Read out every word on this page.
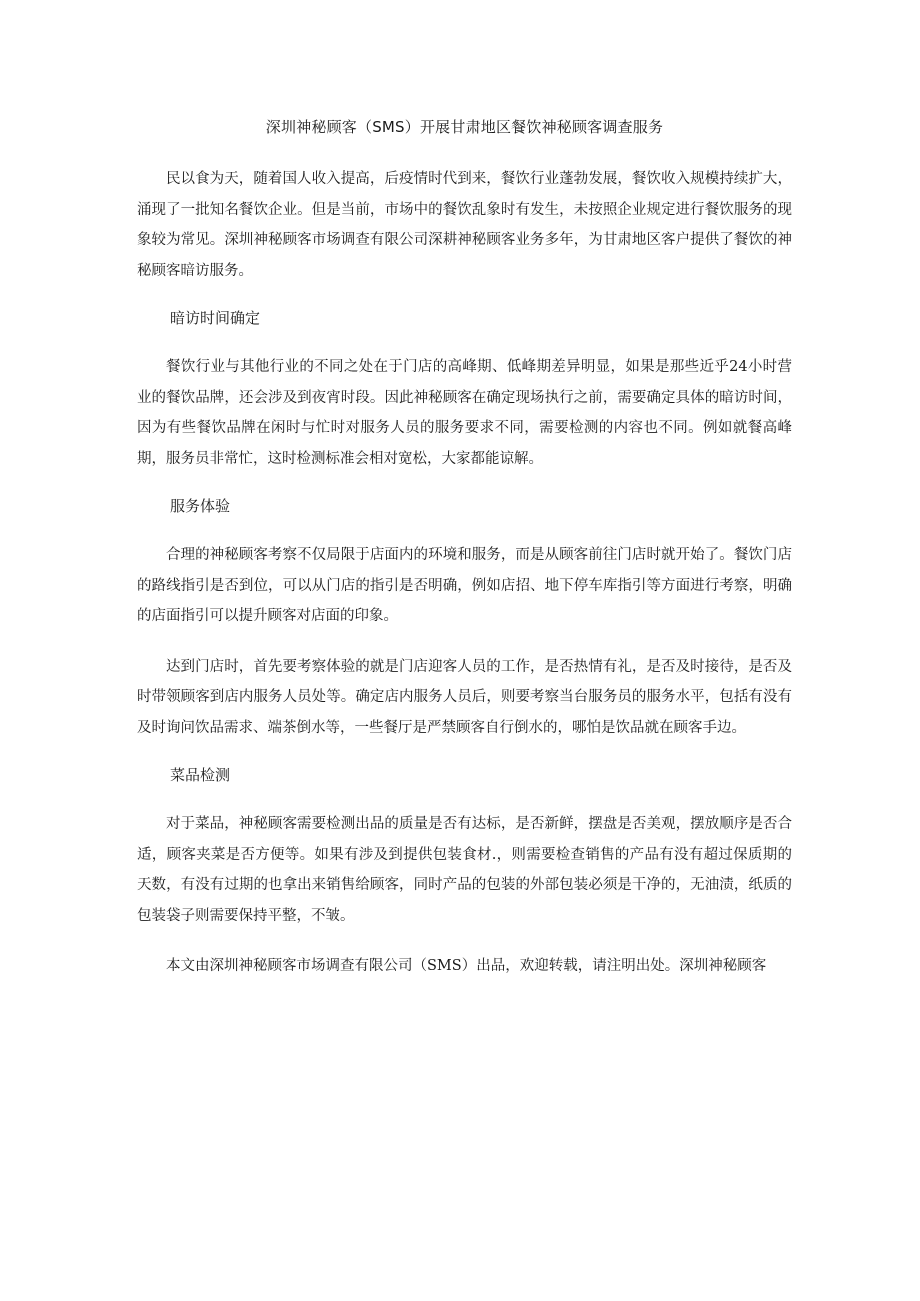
深圳神秘顾客（SMS）开展甘肃地区餐饮神秘顾客调查服务

民以食为天，随着国人收入提高，后疫情时代到来，餐饮行业蓬勃发展，餐饮收入规模持续扩大，涌现了一批知名餐饮企业。但是当前，市场中的餐饮乱象时有发生，未按照企业规定进行餐饮服务的现象较为常见。深圳神秘顾客市场调查有限公司深耕神秘顾客业务多年，为甘肃地区客户提供了餐饮的神秘顾客暗访服务。

暗访时间确定

餐饮行业与其他行业的不同之处在于门店的高峰期、低峰期差异明显，如果是那些近乎24小时营业的餐饮品牌，还会涉及到夜宵时段。因此神秘顾客在确定现场执行之前，需要确定具体的暗访时间，因为有些餐饮品牌在闲时与忙时对服务人员的服务要求不同，需要检测的内容也不同。例如就餐高峰期，服务员非常忙，这时检测标准会相对宽松，大家都能谅解。

服务体验

合理的神秘顾客考察不仅局限于店面内的环境和服务，而是从顾客前往门店时就开始了。餐饮门店的路线指引是否到位，可以从门店的指引是否明确，例如店招、地下停车库指引等方面进行考察，明确的店面指引可以提升顾客对店面的印象。

达到门店时，首先要考察体验的就是门店迎客人员的工作，是否热情有礼，是否及时接待，是否及时带领顾客到店内服务人员处等。确定店内服务人员后，则要考察当台服务员的服务水平，包括有没有及时询问饮品需求、端茶倒水等，一些餐厅是严禁顾客自行倒水的，哪怕是饮品就在顾客手边。

菜品检测

对于菜品，神秘顾客需要检测出品的质量是否有达标，是否新鲜，摆盘是否美观，摆放顺序是否合适，顾客夹菜是否方便等。如果有涉及到提供包装食材.，则需要检查销售的产品有没有超过保质期的天数，有没有过期的也拿出来销售给顾客，同时产品的包装的外部包装必须是干净的，无油渍，纸质的包装袋子则需要保持平整，不皱。

本文由深圳神秘顾客市场调查有限公司（SMS）出品，欢迎转载，请注明出处。深圳神秘顾客
